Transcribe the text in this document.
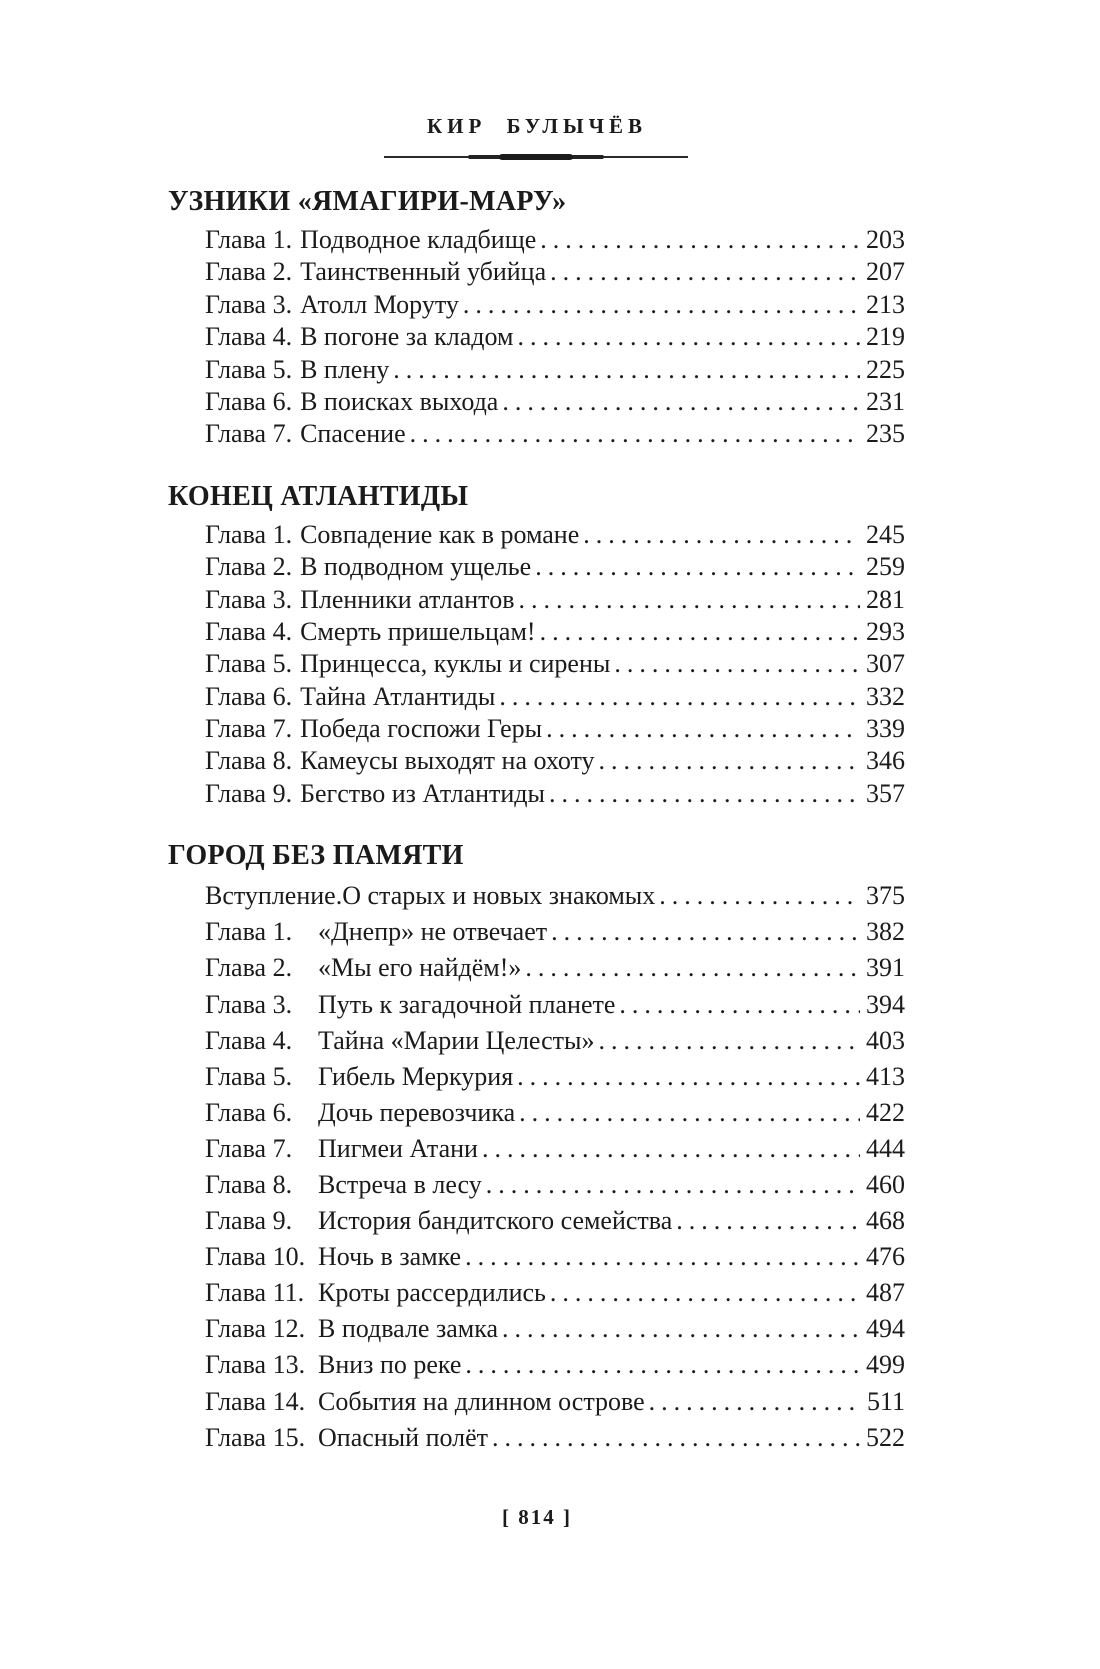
КИР БУЛЫЧЁВ
УЗНИКИ «ЯМАГИРИ-МАРУ»
Глава 1. Подводное кладбище .....	203
Глава 2. Таинственный убийца .....	207
Глава 3. Атолл Моруту .....	213
Глава 4. В погоне за кладом .....	219
Глава 5. В плену .....	225
Глава 6. В поисках выхода .....	231
Глава 7. Спасение .....	235
КОНЕЦ АТЛАНТИДЫ
Глава 1. Совпадение как в романе .....	245
Глава 2. В подводном ущелье .....	259
Глава 3. Пленники атлантов .....	281
Глава 4. Смерть пришельцам! .....	293
Глава 5. Принцесса, куклы и сирены .....	307
Глава 6. Тайна Атлантиды .....	332
Глава 7. Победа госпожи Геры .....	339
Глава 8. Камеусы выходят на охоту .....	346
Глава 9. Бегство из Атлантиды .....	357
ГОРОД БЕЗ ПАМЯТИ
Вступление. О старых и новых знакомых .....	375
Глава 1. «Днепр» не отвечает .....	382
Глава 2. «Мы его найдём!» .....	391
Глава 3. Путь к загадочной планете .....	394
Глава 4. Тайна «Марии Целесты» .....	403
Глава 5. Гибель Меркурия .....	413
Глава 6. Дочь перевозчика .....	422
Глава 7. Пигмеи Атани .....	444
Глава 8. Встреча в лесу .....	460
Глава 9. История бандитского семейства .....	468
Глава 10. Ночь в замке .....	476
Глава 11. Кроты рассердились .....	487
Глава 12. В подвале замка .....	494
Глава 13. Вниз по реке .....	499
Глава 14. События на длинном острове .....	511
Глава 15. Опасный полёт .....	522
[ 814 ]
